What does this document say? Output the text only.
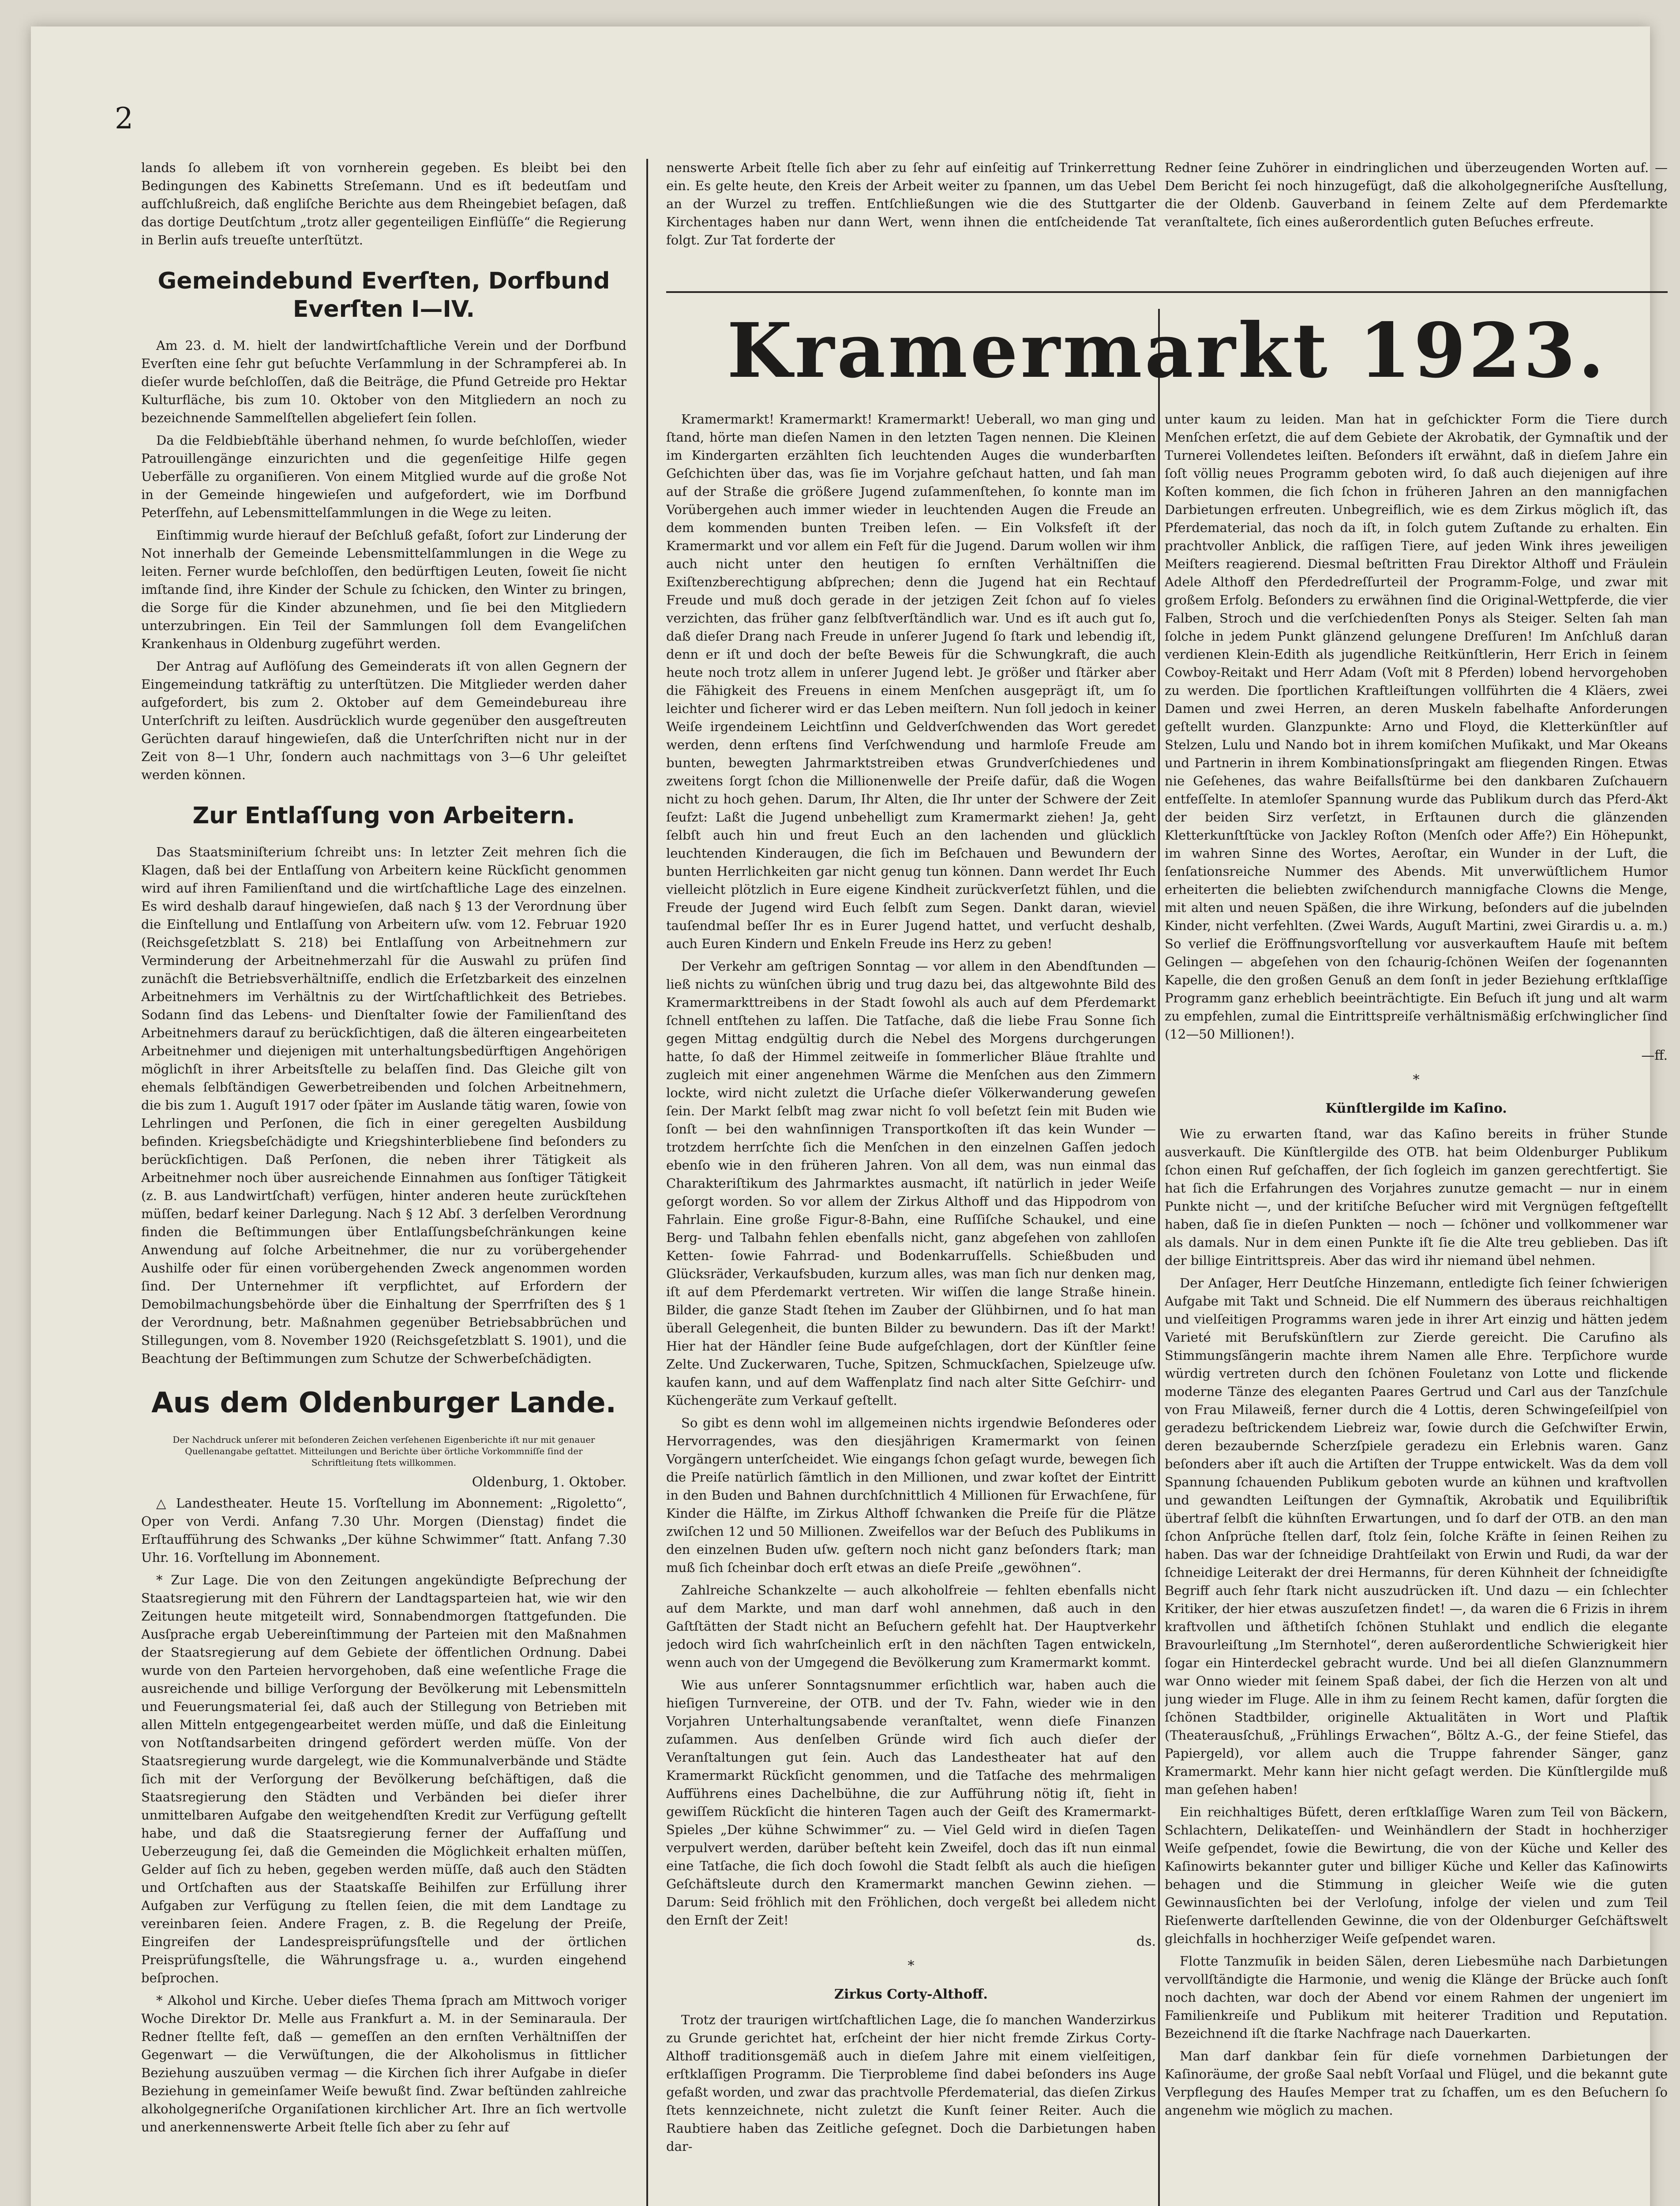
2

lands ſo allebem iſt von vornherein gegeben. Es bleibt bei den Bedingungen des Kabinetts Streſemann. Und es iſt bedeutſam und aufſchlußreich, daß engliſche Berichte aus dem Rheingebiet beſagen, daß das dortige Deutſchtum „trotz aller gegenteiligen Einflüſſe“ die Regierung in Berlin aufs treueſte unterſtützt.

Gemeindebund Everſten, Dorfbund Everſten I—IV.

Am 23. d. M. hielt der landwirtſchaftliche Verein und der Dorfbund Everſten eine ſehr gut beſuchte Verſammlung in der Schrampferei ab. In dieſer wurde beſchloſſen, daß die Beiträge, die Pfund Getreide pro Hektar Kulturfläche, bis zum 10. Oktober von den Mitgliedern an noch zu bezeichnende Sammelſtellen abgeliefert ſein ſollen.

Da die Feldbiebſtähle überhand nehmen, ſo wurde beſchloſſen, wieder Patrouillengänge einzurichten und die gegenſeitige Hilfe gegen Ueberfälle zu organiſieren. Von einem Mitglied wurde auf die große Not in der Gemeinde hingewieſen und aufgefordert, wie im Dorfbund Peterſfehn, auf Lebensmittelſammlungen in die Wege zu leiten.

Einſtimmig wurde hierauf der Beſchluß gefaßt, ſofort zur Linderung der Not innerhalb der Gemeinde Lebensmittelſammlungen in die Wege zu leiten. Ferner wurde beſchloſſen, den bedürftigen Leuten, ſoweit ſie nicht imſtande ſind, ihre Kinder der Schule zu ſchicken, den Winter zu bringen, die Sorge für die Kinder abzunehmen, und ſie bei den Mitgliedern unterzubringen. Ein Teil der Sammlungen ſoll dem Evangeliſchen Krankenhaus in Oldenburg zugeführt werden.

Der Antrag auf Auflöſung des Gemeinderats iſt von allen Gegnern der Eingemeindung tatkräftig zu unterſtützen. Die Mitglieder werden daher aufgefordert, bis zum 2. Oktober auf dem Gemeindebureau ihre Unterſchrift zu leiſten. Ausdrücklich wurde gegenüber den ausgeſtreuten Gerüchten darauf hingewieſen, daß die Unterſchriften nicht nur in der Zeit von 8—1 Uhr, ſondern auch nachmittags von 3—6 Uhr geleiſtet werden können.

Zur Entlaſſung von Arbeitern.

Das Staatsminiſterium ſchreibt uns: In letzter Zeit mehren ſich die Klagen, daß bei der Entlaſſung von Arbeitern keine Rückſicht genommen wird auf ihren Familienſtand und die wirtſchaftliche Lage des einzelnen. Es wird deshalb darauf hingewieſen, daß nach § 13 der Verordnung über die Einſtellung und Entlaſſung von Arbeitern uſw. vom 12. Februar 1920 (Reichsgeſetzblatt S. 218) bei Entlaſſung von Arbeitnehmern zur Verminderung der Arbeitnehmerzahl für die Auswahl zu prüfen ſind zunächſt die Betriebsverhältniſſe, endlich die Erſetzbarkeit des einzelnen Arbeitnehmers im Verhältnis zu der Wirtſchaftlichkeit des Betriebes. Sodann ſind das Lebens- und Dienſtalter ſowie der Familienſtand des Arbeitnehmers darauf zu berückſichtigen, daß die älteren eingearbeiteten Arbeitnehmer und diejenigen mit unterhaltungsbedürftigen Angehörigen möglichſt in ihrer Arbeitsſtelle zu belaſſen ſind. Das Gleiche gilt von ehemals ſelbſtändigen Gewerbetreibenden und ſolchen Arbeitnehmern, die bis zum 1. Auguſt 1917 oder ſpäter im Auslande tätig waren, ſowie von Lehrlingen und Perſonen, die ſich in einer geregelten Ausbildung befinden. Kriegsbeſchädigte und Kriegshinterbliebene ſind beſonders zu berückſichtigen. Daß Perſonen, die neben ihrer Tätigkeit als Arbeitnehmer noch über ausreichende Einnahmen aus ſonſtiger Tätigkeit (z. B. aus Landwirtſchaft) verfügen, hinter anderen heute zurückſtehen müſſen, bedarf keiner Darlegung. Nach § 12 Abſ. 3 derſelben Verordnung finden die Beſtimmungen über Entlaſſungsbeſchränkungen keine Anwendung auf ſolche Arbeitnehmer, die nur zu vorübergehender Aushilfe oder für einen vorübergehenden Zweck angenommen worden ſind. Der Unternehmer iſt verpflichtet, auf Erfordern der Demobilmachungsbehörde über die Einhaltung der Sperrfriſten des § 1 der Verordnung, betr. Maßnahmen gegenüber Betriebsabbrüchen und Stillegungen, vom 8. November 1920 (Reichsgeſetzblatt S. 1901), und die Beachtung der Beſtimmungen zum Schutze der Schwerbeſchädigten.

Aus dem Oldenburger Lande.
Der Nachdruck unſerer mit beſonderen Zeichen verſehenen Eigenberichte iſt nur mit genauer Quellenangabe geſtattet. Mitteilungen und Berichte über örtliche Vorkommniſſe ſind der Schriftleitung ſtets willkommen.
Oldenburg, 1. Oktober.

△ Landestheater. Heute 15. Vorſtellung im Abonnement: „Rigoletto“, Oper von Verdi. Anfang 7.30 Uhr. Morgen (Dienstag) findet die Erſtaufführung des Schwanks „Der kühne Schwimmer“ ſtatt. Anfang 7.30 Uhr. 16. Vorſtellung im Abonnement.

* Zur Lage. Die von den Zeitungen angekündigte Beſprechung der Staatsregierung mit den Führern der Landtagsparteien hat, wie wir den Zeitungen heute mitgeteilt wird, Sonnabendmorgen ſtattgefunden. Die Ausſprache ergab Uebereinſtimmung der Parteien mit den Maßnahmen der Staatsregierung auf dem Gebiete der öffentlichen Ordnung. Dabei wurde von den Parteien hervorgehoben, daß eine weſentliche Frage die ausreichende und billige Verſorgung der Bevölkerung mit Lebensmitteln und Feuerungsmaterial ſei, daß auch der Stillegung von Betrieben mit allen Mitteln entgegengearbeitet werden müſſe, und daß die Einleitung von Notſtandsarbeiten dringend gefördert werden müſſe. Von der Staatsregierung wurde dargelegt, wie die Kommunalverbände und Städte ſich mit der Verſorgung der Bevölkerung beſchäftigen, daß die Staatsregierung den Städten und Verbänden bei dieſer ihrer unmittelbaren Aufgabe den weitgehendſten Kredit zur Verfügung geſtellt habe, und daß die Staatsregierung ferner der Auffaſſung und Ueberzeugung ſei, daß die Gemeinden die Möglichkeit erhalten müſſen, Gelder auf ſich zu heben, gegeben werden müſſe, daß auch den Städten und Ortſchaften aus der Staatskaſſe Beihilfen zur Erfüllung ihrer Aufgaben zur Verfügung zu ſtellen ſeien, die mit dem Landtage zu vereinbaren ſeien. Andere Fragen, z. B. die Regelung der Preiſe, Eingreifen der Landespreisprüfungsſtelle und der örtlichen Preisprüfungsſtelle, die Währungsfrage u. a., wurden eingehend beſprochen.

* Alkohol und Kirche. Ueber dieſes Thema ſprach am Mittwoch voriger Woche Direktor Dr. Melle aus Frankfurt a. M. in der Seminaraula. Der Redner ſtellte feſt, daß — gemeſſen an den ernſten Verhältniſſen der Gegenwart — die Verwüſtungen, die der Alkoholismus in ſittlicher Beziehung auszuüben vermag — die Kirchen ſich ihrer Aufgabe in dieſer Beziehung in gemeinſamer Weiſe bewußt ſind. Zwar beſtünden zahlreiche alkoholgegneriſche Organiſationen kirchlicher Art. Ihre an ſich wertvolle und anerkennenswerte Arbeit ſtelle ſich aber zu ſehr auf

nenswerte Arbeit ſtelle ſich aber zu ſehr auf einſeitig auf Trinkerrettung ein. Es gelte heute, den Kreis der Arbeit weiter zu ſpannen, um das Uebel an der Wurzel zu treffen. Entſchließungen wie die des Stuttgarter Kirchentages haben nur dann Wert, wenn ihnen die entſcheidende Tat folgt. Zur Tat forderte der

Redner ſeine Zuhörer in eindringlichen und überzeugenden Worten auf. — Dem Bericht ſei noch hinzugefügt, daß die alkoholgegneriſche Ausſtellung, die der Oldenb. Gauverband in ſeinem Zelte auf dem Pferdemarkte veranſtaltete, ſich eines außerordentlich guten Beſuches erfreute.

Kramermarkt 1923.

Kramermarkt! Kramermarkt! Kramermarkt! Ueberall, wo man ging und ſtand, hörte man dieſen Namen in den letzten Tagen nennen. Die Kleinen im Kindergarten erzählten ſich leuchtenden Auges die wunderbarſten Geſchichten über das, was ſie im Vorjahre geſchaut hatten, und ſah man auf der Straße die größere Jugend zuſammenſtehen, ſo konnte man im Vorübergehen auch immer wieder in leuchtenden Augen die Freude an dem kommenden bunten Treiben leſen. — Ein Volksfeſt iſt der Kramermarkt und vor allem ein Feſt für die Jugend. Darum wollen wir ihm auch nicht unter den heutigen ſo ernſten Verhältniſſen die Exiſtenzberechtigung abſprechen; denn die Jugend hat ein Rechtauf Freude und muß doch gerade in der jetzigen Zeit ſchon auf ſo vieles verzichten, das früher ganz ſelbſtverſtändlich war. Und es iſt auch gut ſo, daß dieſer Drang nach Freude in unſerer Jugend ſo ſtark und lebendig iſt, denn er iſt und doch der beſte Beweis für die Schwungkraft, die auch heute noch trotz allem in unſerer Jugend lebt. Je größer und ſtärker aber die Fähigkeit des Freuens in einem Menſchen ausgeprägt iſt, um ſo leichter und ſicherer wird er das Leben meiſtern. Nun ſoll jedoch in keiner Weiſe irgendeinem Leichtſinn und Geldverſchwenden das Wort geredet werden, denn erſtens ſind Verſchwendung und harmloſe Freude am bunten, bewegten Jahrmarktstreiben etwas Grundverſchiedenes und zweitens ſorgt ſchon die Millionenwelle der Preiſe dafür, daß die Wogen nicht zu hoch gehen. Darum, Ihr Alten, die Ihr unter der Schwere der Zeit ſeufzt: Laßt die Jugend unbehelligt zum Kramermarkt ziehen! Ja, geht ſelbſt auch hin und freut Euch an den lachenden und glücklich leuchtenden Kinderaugen, die ſich im Beſchauen und Bewundern der bunten Herrlichkeiten gar nicht genug tun können. Dann werdet Ihr Euch vielleicht plötzlich in Eure eigene Kindheit zurückverſetzt fühlen, und die Freude der Jugend wird Euch ſelbſt zum Segen. Dankt daran, wieviel tauſendmal beſſer Ihr es in Eurer Jugend hattet, und verſucht deshalb, auch Euren Kindern und Enkeln Freude ins Herz zu geben!

Der Verkehr am geſtrigen Sonntag — vor allem in den Abendſtunden — ließ nichts zu wünſchen übrig und trug dazu bei, das altgewohnte Bild des Kramermarkttreibens in der Stadt ſowohl als auch auf dem Pferdemarkt ſchnell entſtehen zu laſſen. Die Tatſache, daß die liebe Frau Sonne ſich gegen Mittag endgültig durch die Nebel des Morgens durchgerungen hatte, ſo daß der Himmel zeitweiſe in ſommerlicher Bläue ſtrahlte und zugleich mit einer angenehmen Wärme die Menſchen aus den Zimmern lockte, wird nicht zuletzt die Urſache dieſer Völkerwanderung geweſen ſein. Der Markt ſelbſt mag zwar nicht ſo voll beſetzt ſein mit Buden wie ſonſt — bei den wahnſinnigen Transportkoſten iſt das kein Wunder — trotzdem herrſchte ſich die Menſchen in den einzelnen Gaſſen jedoch ebenſo wie in den früheren Jahren. Von all dem, was nun einmal das Charakteriſtikum des Jahrmarktes ausmacht, iſt natürlich in jeder Weiſe geſorgt worden. So vor allem der Zirkus Althoff und das Hippodrom von Fahrlain. Eine große Figur-8-Bahn, eine Ruſſiſche Schaukel, und eine Berg- und Talbahn fehlen ebenfalls nicht, ganz abgeſehen von zahlloſen Ketten- ſowie Fahrrad- und Bodenkarruſſells. Schießbuden und Glücksräder, Verkaufsbuden, kurzum alles, was man ſich nur denken mag, iſt auf dem Pferdemarkt vertreten. Wir wiſſen die lange Straße hinein. Bilder, die ganze Stadt ſtehen im Zauber der Glühbirnen, und ſo hat man überall Gelegenheit, die bunten Bilder zu bewundern. Das iſt der Markt! Hier hat der Händler ſeine Bude aufgeſchlagen, dort der Künſtler ſeine Zelte. Und Zuckerwaren, Tuche, Spitzen, Schmuckſachen, Spielzeuge uſw. kaufen kann, und auf dem Waffenplatz ſind nach alter Sitte Geſchirr- und Küchengeräte zum Verkauf geſtellt.

So gibt es denn wohl im allgemeinen nichts irgendwie Beſonderes oder Hervorragendes, was den diesjährigen Kramermarkt von ſeinen Vorgängern unterſcheidet. Wie eingangs ſchon geſagt wurde, bewegen ſich die Preiſe natürlich ſämtlich in den Millionen, und zwar koſtet der Eintritt in den Buden und Bahnen durchſchnittlich 4 Millionen für Erwachſene, für Kinder die Hälfte, im Zirkus Althoff ſchwanken die Preiſe für die Plätze zwiſchen 12 und 50 Millionen. Zweifellos war der Beſuch des Publikums in den einzelnen Buden uſw. geſtern noch nicht ganz beſonders ſtark; man muß ſich ſcheinbar doch erſt etwas an dieſe Preiſe „gewöhnen“.

Zahlreiche Schankzelte — auch alkoholfreie — fehlten ebenfalls nicht auf dem Markte, und man darf wohl annehmen, daß auch in den Gaſtſtätten der Stadt nicht an Beſuchern gefehlt hat. Der Hauptverkehr jedoch wird ſich wahrſcheinlich erſt in den nächſten Tagen entwickeln, wenn auch von der Umgegend die Bevölkerung zum Kramermarkt kommt.

Wie aus unſerer Sonntagsnummer erſichtlich war, haben auch die hieſigen Turnvereine, der OTB. und der Tv. Fahn, wieder wie in den Vorjahren Unterhaltungsabende veranſtaltet, wenn dieſe Finanzen zuſammen. Aus denſelben Gründe wird ſich auch dieſer der Veranſtaltungen gut ſein. Auch das Landestheater hat auf den Kramermarkt Rückſicht genommen, und die Tatſache des mehrmaligen Aufführens eines Dachelbühne, die zur Aufführung nötig iſt, ſieht in gewiſſem Rückſicht die hinteren Tagen auch der Geiſt des Kramermarkt-Spieles „Der kühne Schwimmer“ zu. — Viel Geld wird in dieſen Tagen verpulvert werden, darüber beſteht kein Zweifel, doch das iſt nun einmal eine Tatſache, die ſich doch ſowohl die Stadt ſelbſt als auch die hieſigen Geſchäftsleute durch den Kramermarkt manchen Gewinn ziehen. — Darum: Seid fröhlich mit den Fröhlichen, doch vergeßt bei alledem nicht den Ernſt der Zeit!

ds.
*
Zirkus Corty-Althoff.

Trotz der traurigen wirtſchaftlichen Lage, die ſo manchen Wanderzirkus zu Grunde gerichtet hat, erſcheint der hier nicht fremde Zirkus Corty-Althoff traditionsgemäß auch in dieſem Jahre mit einem vielſeitigen, erſtklaſſigen Programm. Die Tierprobleme ſind dabei beſonders ins Auge gefaßt worden, und zwar das prachtvolle Pferdematerial, das dieſen Zirkus ſtets kennzeichnete, nicht zuletzt die Kunſt ſeiner Reiter. Auch die Raubtiere haben das Zeitliche geſegnet. Doch die Darbietungen haben dar-

unter kaum zu leiden. Man hat in geſchickter Form die Tiere durch Menſchen erſetzt, die auf dem Gebiete der Akrobatik, der Gymnaſtik und der Turnerei Vollendetes leiſten. Beſonders iſt erwähnt, daß in dieſem Jahre ein ſoſt völlig neues Programm geboten wird, ſo daß auch diejenigen auf ihre Koſten kommen, die ſich ſchon in früheren Jahren an den mannigfachen Darbietungen erfreuten. Unbegreiflich, wie es dem Zirkus möglich iſt, das Pferdematerial, das noch da iſt, in ſolch gutem Zuſtande zu erhalten. Ein prachtvoller Anblick, die raſſigen Tiere, auf jeden Wink ihres jeweiligen Meiſters reagierend. Diesmal beſtritten Frau Direktor Althoff und Fräulein Adele Althoff den Pferdedreſſurteil der Programm-Folge, und zwar mit großem Erfolg. Beſonders zu erwähnen ſind die Original-Wettpferde, die vier Falben, Stroch und die verſchiedenſten Ponys als Steiger. Selten ſah man ſolche in jedem Punkt glänzend gelungene Dreſſuren! Im Anſchluß daran verdienen Klein-Edith als jugendliche Reitkünſtlerin, Herr Erich in ſeinem Cowboy-Reitakt und Herr Adam (Voſt mit 8 Pferden) lobend hervorgehoben zu werden. Die ſportlichen Kraftleiſtungen vollführten die 4 Kläers, zwei Damen und zwei Herren, an deren Muskeln fabelhafte Anforderungen geſtellt wurden. Glanzpunkte: Arno und Floyd, die Kletterkünſtler auf Stelzen, Lulu und Nando bot in ihrem komiſchen Muſikakt, und Mar Okeans und Partnerin in ihrem Kombinationsſpringakt am fliegenden Ringen. Etwas nie Geſehenes, das wahre Beifallsſtürme bei den dankbaren Zuſchauern entfeſſelte. In atemloſer Spannung wurde das Publikum durch das Pferd-Akt der beiden Sirz verſetzt, in Erſtaunen durch die glänzenden Kletterkunſtſtücke von Jackley Roſton (Menſch oder Affe?) Ein Höhepunkt, im wahren Sinne des Wortes, Aeroſtar, ein Wunder in der Luft, die ſenſationsreiche Nummer des Abends. Mit unverwüſtlichem Humor erheiterten die beliebten zwiſchendurch mannigfache Clowns die Menge, mit alten und neuen Späßen, die ihre Wirkung, beſonders auf die jubelnden Kinder, nicht verfehlten. (Zwei Wards, Auguſt Martini, zwei Girardis u. a. m.) So verlief die Eröffnungsvorſtellung vor ausverkauftem Hauſe mit beſtem Gelingen — abgeſehen von den ſchaurig-ſchönen Weiſen der ſogenannten Kapelle, die den großen Genuß an dem ſonſt in jeder Beziehung erſtklaſſige Programm ganz erheblich beeinträchtigte. Ein Beſuch iſt jung und alt warm zu empfehlen, zumal die Eintrittspreiſe verhältnismäßig erſchwinglicher ſind (12—50 Millionen!).

—ff.
*
Künſtlergilde im Kaſino.

Wie zu erwarten ſtand, war das Kaſino bereits in früher Stunde ausverkauft. Die Künſtlergilde des OTB. hat beim Oldenburger Publikum ſchon einen Ruf geſchaffen, der ſich ſogleich im ganzen gerechtfertigt. Sie hat ſich die Erfahrungen des Vorjahres zunutze gemacht — nur in einem Punkte nicht —, und der kritiſche Beſucher wird mit Vergnügen feſtgeſtellt haben, daß ſie in dieſen Punkten — noch — ſchöner und vollkommener war als damals. Nur in dem einen Punkte iſt ſie die Alte treu geblieben. Das iſt der billige Eintrittspreis. Aber das wird ihr niemand übel nehmen.

Der Anſager, Herr Deutſche Hinzemann, entledigte ſich ſeiner ſchwierigen Aufgabe mit Takt und Schneid. Die elf Nummern des überaus reichhaltigen und vielſeitigen Programms waren jede in ihrer Art einzig und hätten jedem Varieté mit Berufskünſtlern zur Zierde gereicht. Die Carufino als Stimmungsſängerin machte ihrem Namen alle Ehre. Terpſichore wurde würdig vertreten durch den ſchönen Fouletanz von Lotte und flickende moderne Tänze des eleganten Paares Gertrud und Carl aus der Tanzſchule von Frau Milaweiß, ferner durch die 4 Lottis, deren Schwingeſeilſpiel von geradezu beſtrickendem Liebreiz war, ſowie durch die Geſchwiſter Erwin, deren bezaubernde Scherzſpiele geradezu ein Erlebnis waren. Ganz beſonders aber iſt auch die Artiſten der Truppe entwickelt. Was da dem voll Spannung ſchauenden Publikum geboten wurde an kühnen und kraftvollen und gewandten Leiſtungen der Gymnaſtik, Akrobatik und Equilibriſtik übertraf ſelbſt die kühnſten Erwartungen, und ſo darf der OTB. an den man ſchon Anſprüche ſtellen darf, ſtolz ſein, ſolche Kräfte in ſeinen Reihen zu haben. Das war der ſchneidige Drahtſeilakt von Erwin und Rudi, da war der ſchneidige Leiterakt der drei Hermanns, für deren Kühnheit der ſchneidigſte Begriff auch ſehr ſtark nicht auszudrücken iſt. Und dazu — ein ſchlechter Kritiker, der hier etwas auszuſetzen findet! —, da waren die 6 Frizis in ihrem kraftvollen und äſthetiſch ſchönen Stuhlakt und endlich die elegante Bravourleiſtung „Im Sternhotel“, deren außerordentliche Schwierigkeit hier ſogar ein Hinterdeckel gebracht wurde. Und bei all dieſen Glanznummern war Onno wieder mit ſeinem Spaß dabei, der ſich die Herzen von alt und jung wieder im Fluge. Alle in ihm zu ſeinem Recht kamen, dafür ſorgten die ſchönen Stadtbilder, originelle Aktualitäten in Wort und Plaſtik (Theaterausſchuß, „Frühlings Erwachen“, Böltz A.-G., der feine Stiefel, das Papiergeld), vor allem auch die Truppe fahrender Sänger, ganz Kramermarkt. Mehr kann hier nicht geſagt werden. Die Künſtlergilde muß man geſehen haben!

Ein reichhaltiges Büfett, deren erſtklaſſige Waren zum Teil von Bäckern, Schlachtern, Delikateſſen- und Weinhändlern der Stadt in hochherziger Weiſe geſpendet, ſowie die Bewirtung, die von der Küche und Keller des Kaſinowirts bekannter guter und billiger Küche und Keller das Kaſinowirts behagen und die Stimmung in gleicher Weiſe wie die guten Gewinnausſichten bei der Verloſung, infolge der vielen und zum Teil Rieſenwerte darſtellenden Gewinne, die von der Oldenburger Geſchäftswelt gleichfalls in hochherziger Weiſe geſpendet waren.

Flotte Tanzmuſik in beiden Sälen, deren Liebesmühe nach Darbietungen vervollſtändigte die Harmonie, und wenig die Klänge der Brücke auch ſonſt noch dachten, war doch der Abend vor einem Rahmen der ungeniert im Familienkreiſe und Publikum mit heiterer Tradition und Reputation. Bezeichnend iſt die ſtarke Nachfrage nach Dauerkarten.

Man darf dankbar ſein für dieſe vornehmen Darbietungen der Kaſinoräume, der große Saal nebſt Vorſaal und Flügel, und die bekannt gute Verpflegung des Hauſes Memper trat zu ſchaffen, um es den Beſuchern ſo angenehm wie möglich zu machen.
